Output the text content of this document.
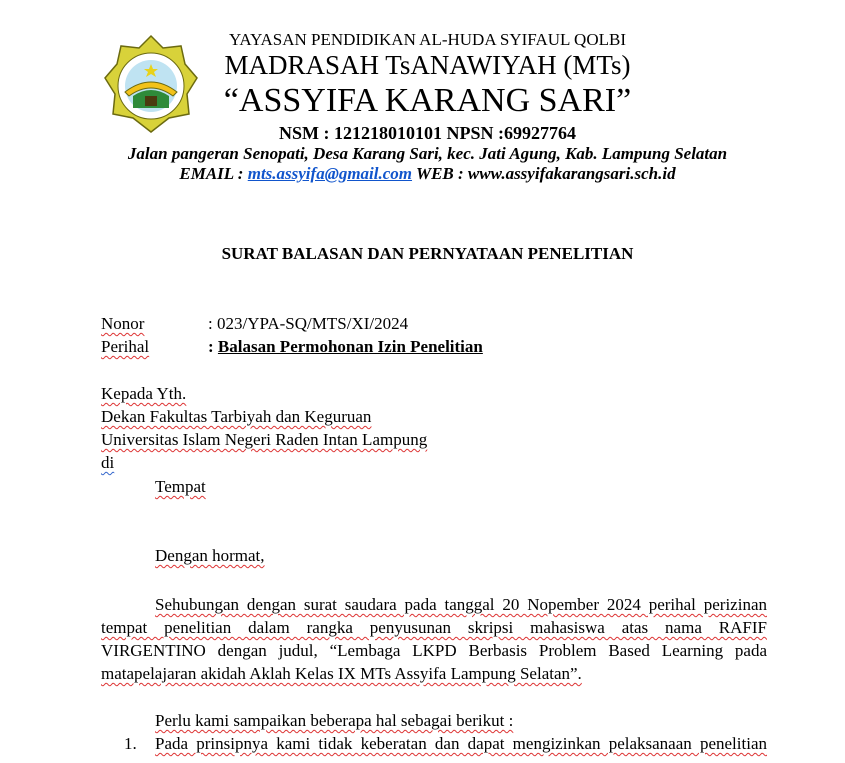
YAYASAN PENDIDIKAN AL-HUDA SYIFAUL QOLBI
MADRASAH TsANAWIYAH (MTs)
“ASSYIFA KARANG SARI”
NSM : 121218010101 NPSN :69927764
Jalan pangeran Senopati, Desa Karang Sari, kec. Jati Agung, Kab. Lampung Selatan
EMAIL : mts.assyifa@gmail.com WEB : www.assyifakarangsari.sch.id
SURAT BALASAN DAN PERNYATAAN PENELITIAN
Nonor	: 023/YPA-SQ/MTS/XI/2024
Perihal	: Balasan Permohonan Izin Penelitian
Kepada Yth.
Dekan Fakultas Tarbiyah dan Keguruan
Universitas Islam Negeri Raden Intan Lampung
di
Tempat
Dengan hormat,
Sehubungan dengan surat saudara pada tanggal 20 Nopember 2024 perihal perizinan
tempat penelitian dalam rangka penyusunan skripsi mahasiswa atas nama RAFIF
VIRGENTINO dengan judul, “Lembaga LKPD Berbasis Problem Based Learning pada
matapelajaran akidah Aklah Kelas IX MTs Assyifa Lampung Selatan”.
Perlu kami sampaikan beberapa hal sebagai berikut :
1. Pada prinsipnya kami tidak keberatan dan dapat mengizinkan pelaksanaan penelitian
